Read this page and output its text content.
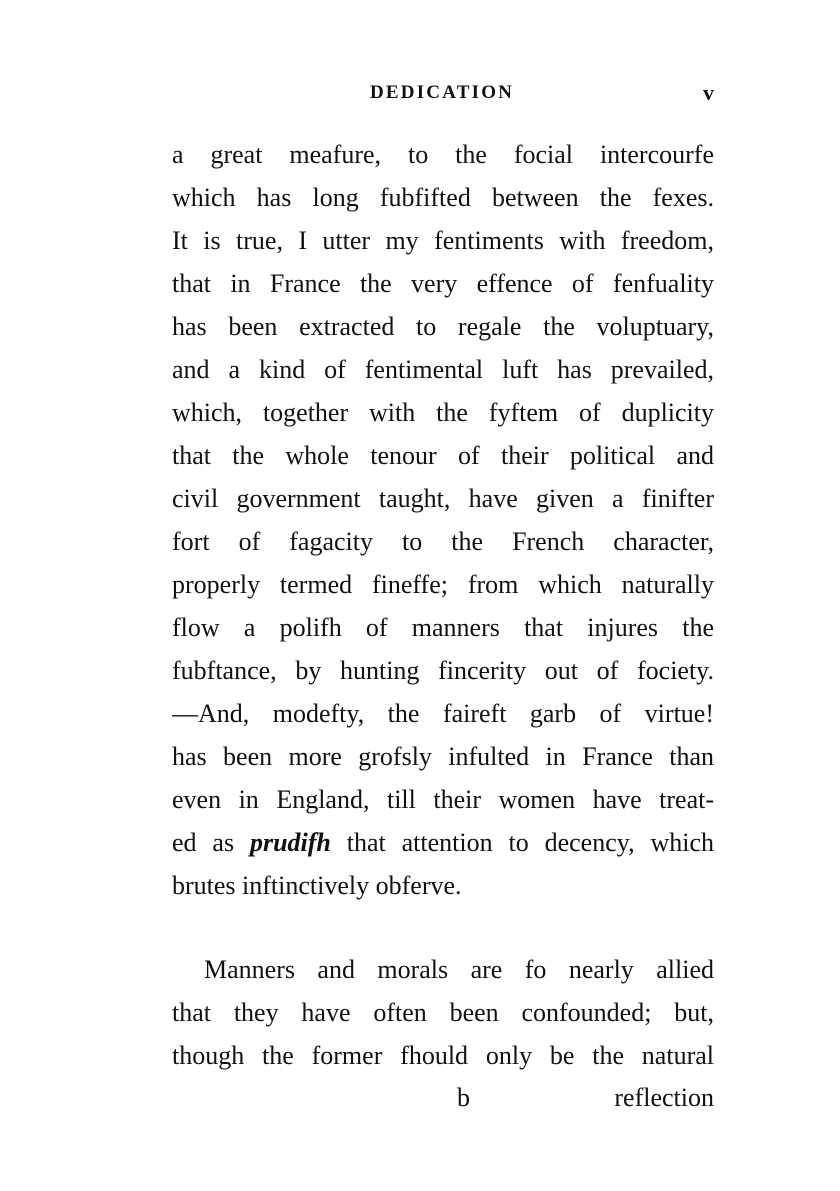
DEDICATION	v
a great meafure, to the focial intercourfe
which has long fubfifted between the fexes.
It is true, I utter my fentiments with freedom,
that in France the very effence of fenfuality
has been extracted to regale the voluptuary,
and a kind of fentimental luft has prevailed,
which, together with the fyftem of duplicity
that the whole tenour of their political and
civil government taught, have given a finifter
fort of fagacity to the French character,
properly termed fineffe; from which naturally
flow a polifh of manners that injures the
fubftance, by hunting fincerity out of fociety.
—And, modefty, the faireft garb of virtue!
has been more grofsly infulted in France than
even in England, till their women have treat-
ed as prudifh that attention to decency, which
brutes inftinctively obferve.
Manners and morals are fo nearly allied
that they have often been confounded; but,
though the former fhould only be the natural
b	reflection
